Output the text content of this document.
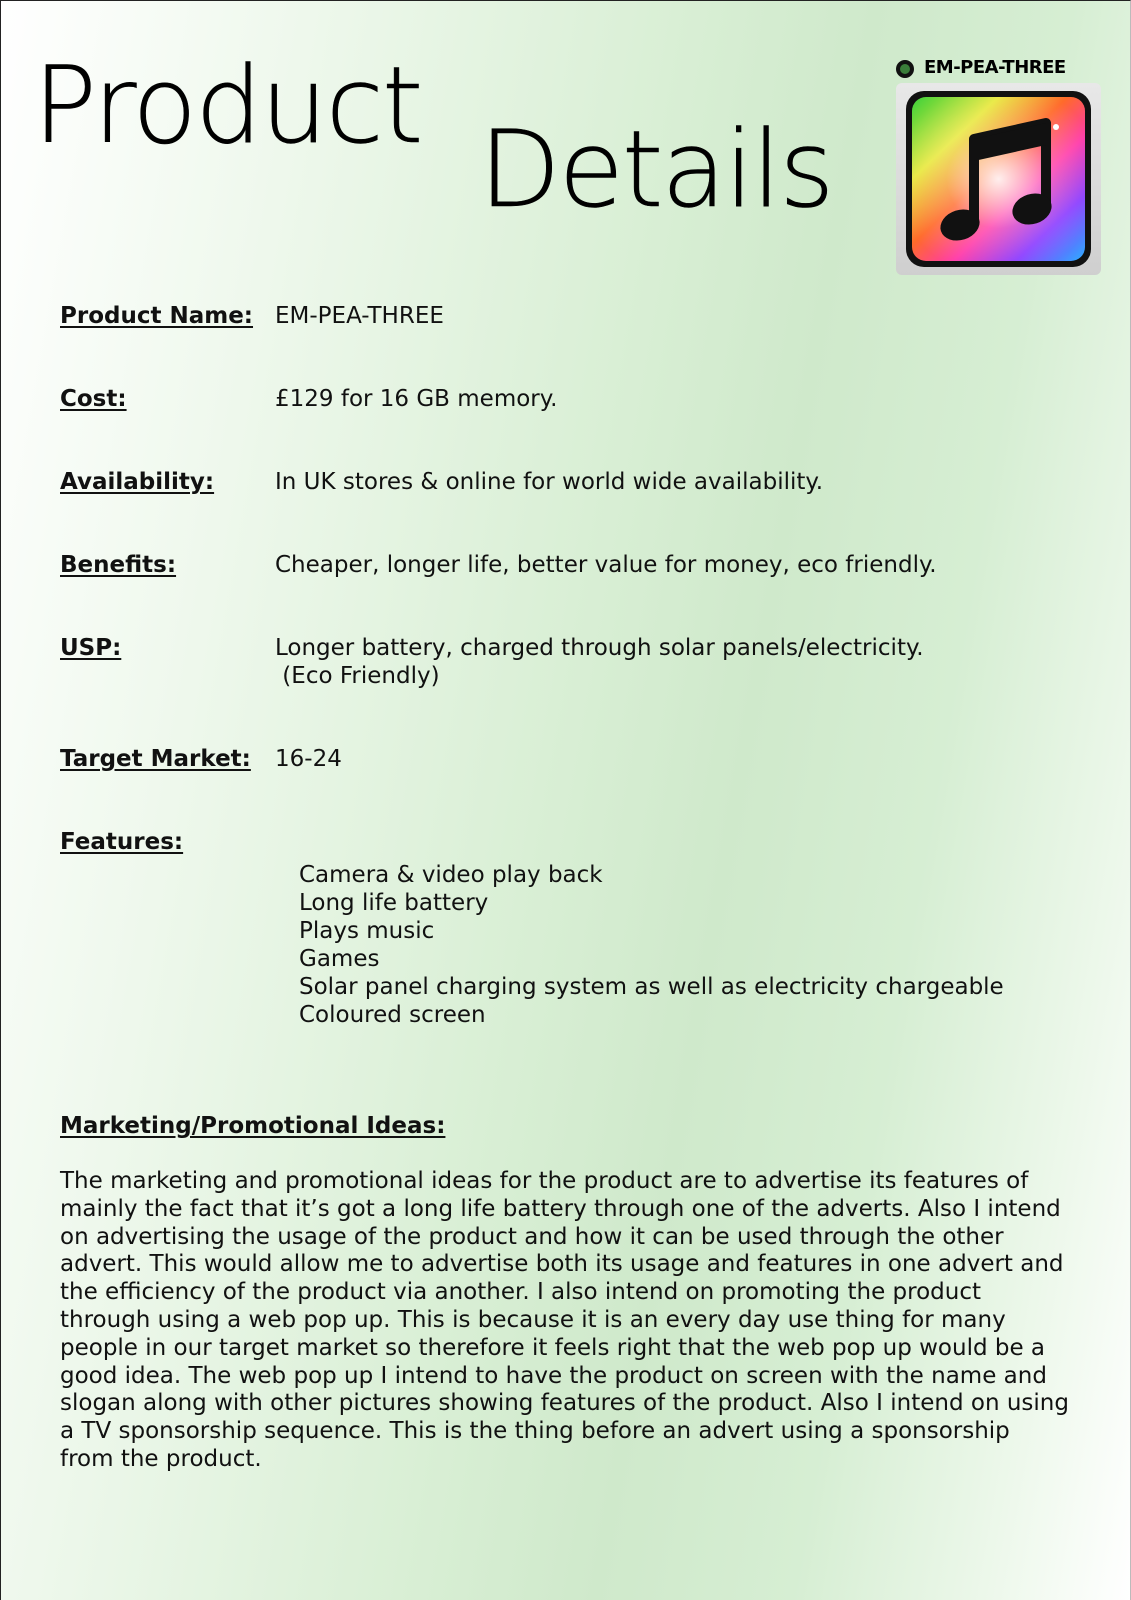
Product
Details
EM-PEA-THREE
Product Name: EM-PEA-THREE
Cost:	£129 for 16 GB memory.
Availability:	In UK stores & online for world wide availability.
Benefits:	Cheaper, longer life, better value for money, eco friendly.
USP:	Longer battery, charged through solar panels/electricity.
(Eco Friendly)
Target Market: 16-24
Features:
Camera & video play back
Long life battery
Plays music
Games
Solar panel charging system as well as electricity chargeable
Coloured screen
Marketing/Promotional Ideas:

The marketing and promotional ideas for the product are to advertise its features of mainly the fact that it’s got a long life battery through one of the adverts. Also I intend on advertising the usage of the product and how it can be used through the other advert. This would allow me to advertise both its usage and features in one advert and the efficiency of the product via another. I also intend on promoting the product through using a web pop up. This is because it is an every day use thing for many people in our target market so therefore it feels right that the web pop up would be a good idea. The web pop up I intend to have the product on screen with the name and slogan along with other pictures showing features of the product. Also I intend on using a TV sponsorship sequence. This is the thing before an advert using a sponsorship from the product.
